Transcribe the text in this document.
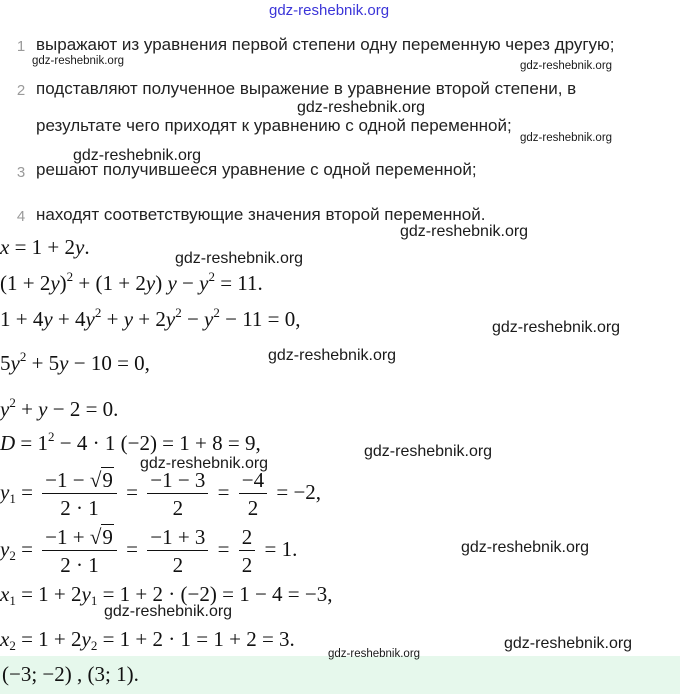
gdz-reshebnik.org
1 выражают из уравнения первой степени одну переменную через другую;
2 подставляют полученное выражение в уравнение второй степени, в
результате чего приходят к уравнению с одной переменной;
3 решают получившееся уравнение с одной переменной;
4 находят соответствующие значения второй переменной.
x = 1 + 2y.
$(1 + 2y)^2 + (1 + 2y)$ $y - y^2 = 11$.
$1 + 4y + 4y^2 + y + 2y^2 - y^2 - 11 = 0$,
$5y^2 + 5y - 10 = 0$,
$y^2 + y - 2 = 0$.
$D = 1^2 - 4 \cdot 1$ (−2) = 1 + 8 = 9,
$y_1 = \frac{-1 - √9}{2 \cdot 1} = \frac{-1 - 3}{2} = \frac{-4}{2} = -2$,
$y_2 = \frac{-1 + √9}{2 \cdot 1} = \frac{-1 + 3}{2} = \frac{2}{2} = 1$.
$x_1 = 1 + 2y_1 = 1 + 2 \cdot (-2) = 1 - 4 = -3$,
$x_2 = 1 + 2y_2 = 1 + 2 \cdot 1 = 1 + 2 = 3$.
(−3; −2) , (3; 1).
gdz-reshebnik.org	gdz-reshebnik.org
gdz-reshebnik.org
gdz-reshebnik.org
gdz-reshebnik.org
gdz-reshebnik.org
gdz-reshebnik.org
gdz-reshebnik.org
gdz-reshebnik.org
gdz-reshebnik.org
gdz-reshebnik.org
gdz-reshebnik.org
gdz-reshebnik.org
gdz-reshebnik.org
gdz-reshebnik.org
